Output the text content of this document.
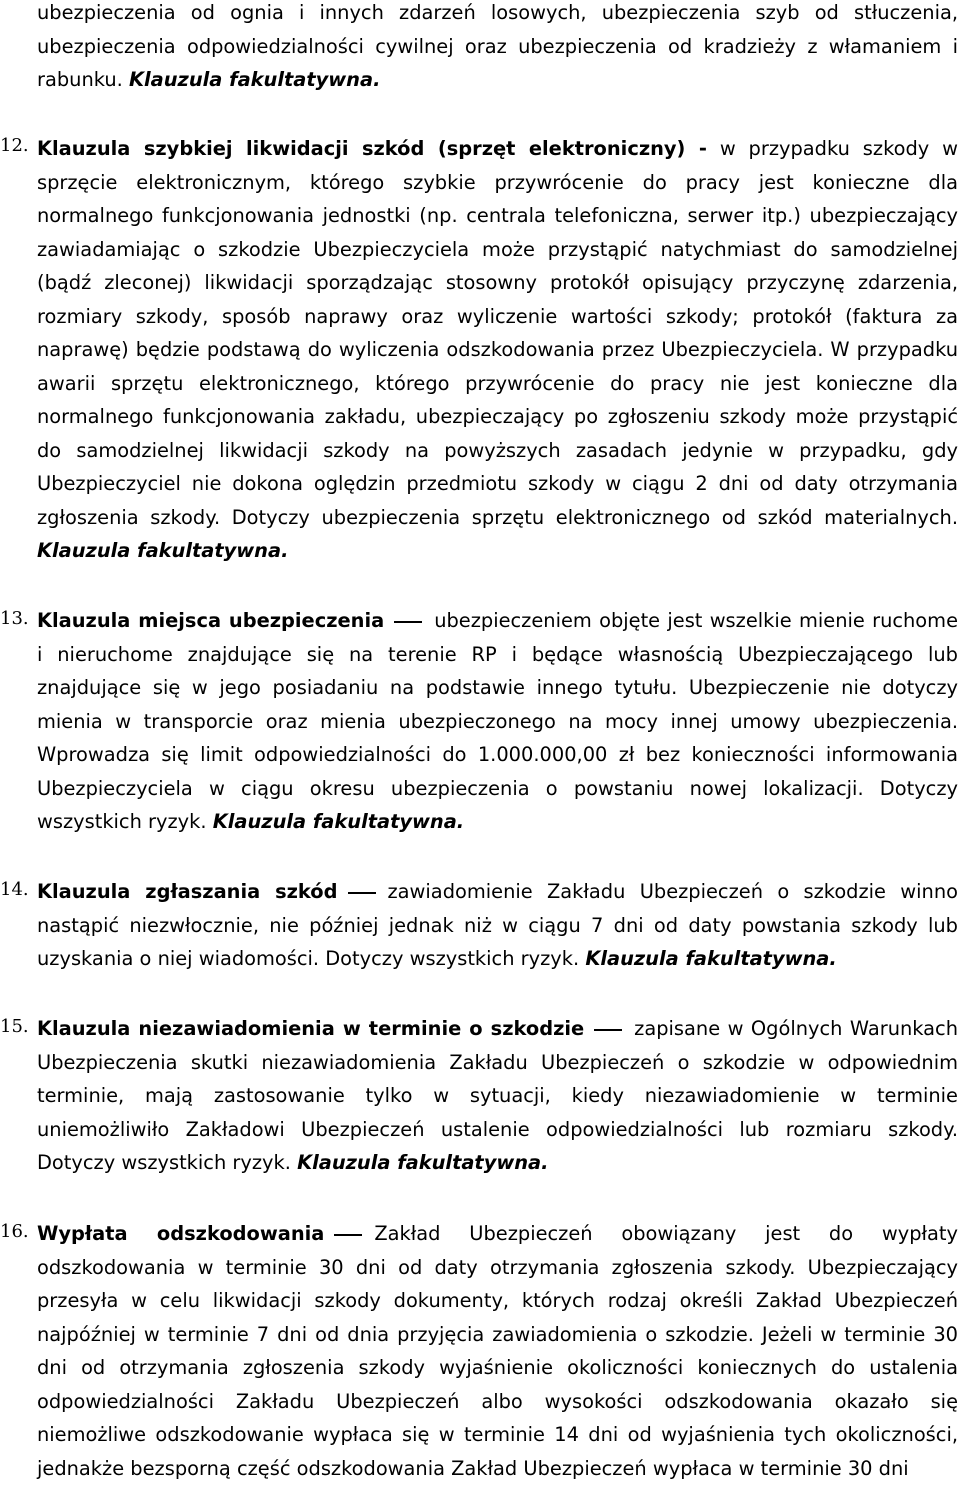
ubezpieczenia od ognia i innych zdarzeń losowych, ubezpieczenia szyb od stłuczenia, ubezpieczenia odpowiedzialności cywilnej oraz ubezpieczenia od kradzieży z włamaniem i rabunku. Klauzula fakultatywna.

12. Klauzula szybkiej likwidacji szkód (sprzęt elektroniczny) - w przypadku szkody w sprzęcie elektronicznym, którego szybkie przywrócenie do pracy jest konieczne dla normalnego funkcjonowania jednostki (np. centrala telefoniczna, serwer itp.) ubezpieczający zawiadamiając o szkodzie Ubezpieczyciela może przystąpić natychmiast do samodzielnej (bądź zleconej) likwidacji sporządzając stosowny protokół opisujący przyczynę zdarzenia, rozmiary szkody, sposób naprawy oraz wyliczenie wartości szkody; protokół (faktura za naprawę) będzie podstawą do wyliczenia odszkodowania przez Ubezpieczyciela. W przypadku awarii sprzętu elektronicznego, którego przywrócenie do pracy nie jest konieczne dla normalnego funkcjonowania zakładu, ubezpieczający po zgłoszeniu szkody może przystąpić do samodzielnej likwidacji szkody na powyższych zasadach jedynie w przypadku, gdy Ubezpieczyciel nie dokona oględzin przedmiotu szkody w ciągu 2 dni od daty otrzymania zgłoszenia szkody. Dotyczy ubezpieczenia sprzętu elektronicznego od szkód materialnych. Klauzula fakultatywna.

13. Klauzula miejsca ubezpieczenia	ubezpieczeniem objęte jest wszelkie mienie ruchome i nieruchome znajdujące się na terenie RP i będące własnością Ubezpieczającego lub znajdujące się w jego posiadaniu na podstawie innego tytułu. Ubezpieczenie nie dotyczy mienia w transporcie oraz mienia ubezpieczonego na mocy innej umowy ubezpieczenia. Wprowadza się limit odpowiedzialności do 1.000.000,00 zł bez konieczności informowania Ubezpieczyciela w ciągu okresu ubezpieczenia o powstaniu nowej lokalizacji. Dotyczy wszystkich ryzyk. Klauzula fakultatywna.

14. Klauzula zgłaszania szkód	zawiadomienie Zakładu Ubezpieczeń o szkodzie winno nastąpić niezwłocznie, nie później jednak niż w ciągu 7 dni od daty powstania szkody lub uzyskania o niej wiadomości. Dotyczy wszystkich ryzyk. Klauzula fakultatywna.

15. Klauzula niezawiadomienia w terminie o szkodzie	zapisane w Ogólnych Warunkach Ubezpieczenia skutki niezawiadomienia Zakładu Ubezpieczeń o szkodzie w odpowiednim terminie, mają zastosowanie tylko w sytuacji, kiedy niezawiadomienie w terminie uniemożliwiło Zakładowi Ubezpieczeń ustalenie odpowiedzialności lub rozmiaru szkody. Dotyczy wszystkich ryzyk. Klauzula fakultatywna.

16. Wypłata odszkodowania	Zakład Ubezpieczeń obowiązany jest do wypłaty odszkodowania w terminie 30 dni od daty otrzymania zgłoszenia szkody. Ubezpieczający przesyła w celu likwidacji szkody dokumenty, których rodzaj określi Zakład Ubezpieczeń najpóźniej w terminie 7 dni od dnia przyjęcia zawiadomienia o szkodzie. Jeżeli w terminie 30 dni od otrzymania zgłoszenia szkody wyjaśnienie okoliczności koniecznych do ustalenia odpowiedzialności Zakładu Ubezpieczeń albo wysokości odszkodowania okazało się niemożliwe odszkodowanie wypłaca się w terminie 14 dni od wyjaśnienia tych okoliczności, jednakże bezsporną część odszkodowania Zakład Ubezpieczeń wypłaca w terminie 30 dni
